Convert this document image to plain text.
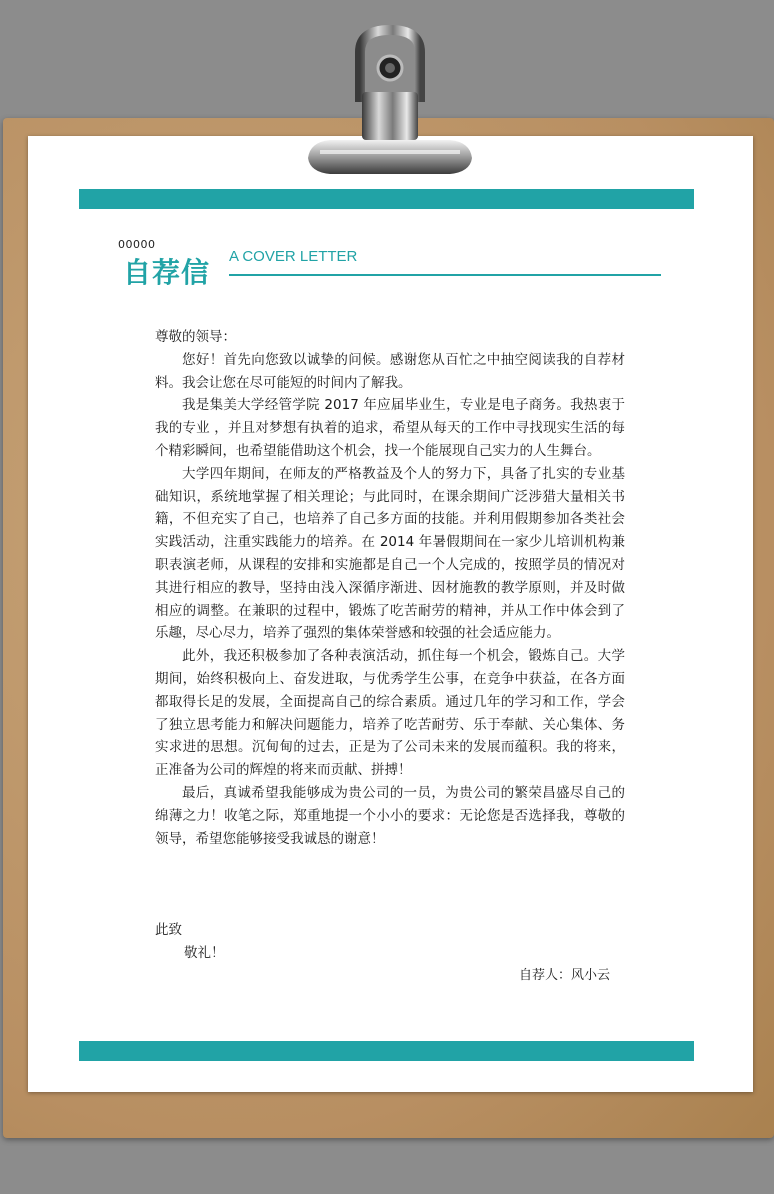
00000
自荐信 A COVER LETTER

尊敬的领导：

您好！首先向您致以诚挚的问候。感谢您从百忙之中抽空阅读我的自荐材料。我会让您在尽可能短的时间内了解我。

我是集美大学经管学院 2017 年应届毕业生，专业是电子商务。我热衷于我的专业 ，并且对梦想有执着的追求，希望从每天的工作中寻找现实生活的每个精彩瞬间，也希望能借助这个机会，找一个能展现自己实力的人生舞台。

大学四年期间，在师友的严格教益及个人的努力下，具备了扎实的专业基础知识，系统地掌握了相关理论；与此同时，在课余期间广泛涉猎大量相关书籍，不但充实了自己，也培养了自己多方面的技能。并利用假期参加各类社会实践活动，注重实践能力的培养。在 2014 年暑假期间在一家少儿培训机构兼职表演老师，从课程的安排和实施都是自己一个人完成的，按照学员的情况对其进行相应的教导，坚持由浅入深循序渐进、因材施教的教学原则，并及时做相应的调整。在兼职的过程中，锻炼了吃苦耐劳的精神，并从工作中体会到了乐趣，尽心尽力，培养了强烈的集体荣誉感和较强的社会适应能力。

此外，我还积极参加了各种表演活动，抓住每一个机会，锻炼自己。大学期间，始终积极向上、奋发进取，与优秀学生公事，在竞争中获益，在各方面都取得长足的发展，全面提高自己的综合素质。通过几年的学习和工作，学会了独立思考能力和解决问题能力，培养了吃苦耐劳、乐于奉献、关心集体、务实求进的思想。沉甸甸的过去，正是为了公司未来的发展而蕴积。我的将来，正准备为公司的辉煌的将来而贡献、拼搏！

最后，真诚希望我能够成为贵公司的一员，为贵公司的繁荣昌盛尽自己的绵薄之力！收笔之际，郑重地提一个小小的要求：无论您是否选择我，尊敬的领导，希望您能够接受我诚恳的谢意！

此致
敬礼！
自荐人：风小云
